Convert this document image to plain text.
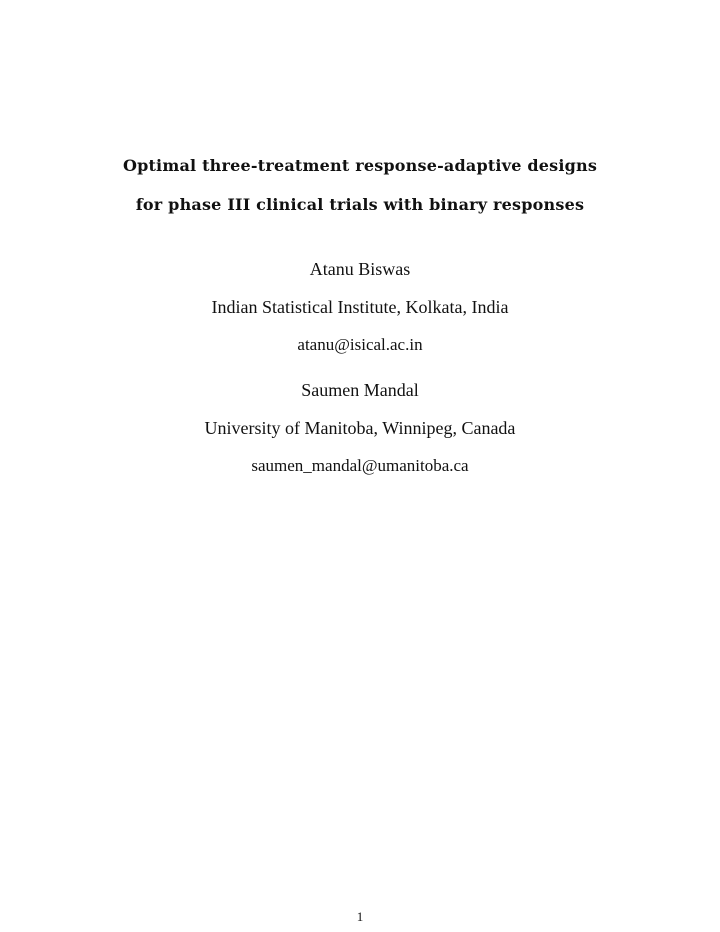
Optimal three-treatment response-adaptive designs
for phase III clinical trials with binary responses
Atanu Biswas
Indian Statistical Institute, Kolkata, India
atanu@isical.ac.in
Saumen Mandal
University of Manitoba, Winnipeg, Canada
saumen_mandal@umanitoba.ca
1
